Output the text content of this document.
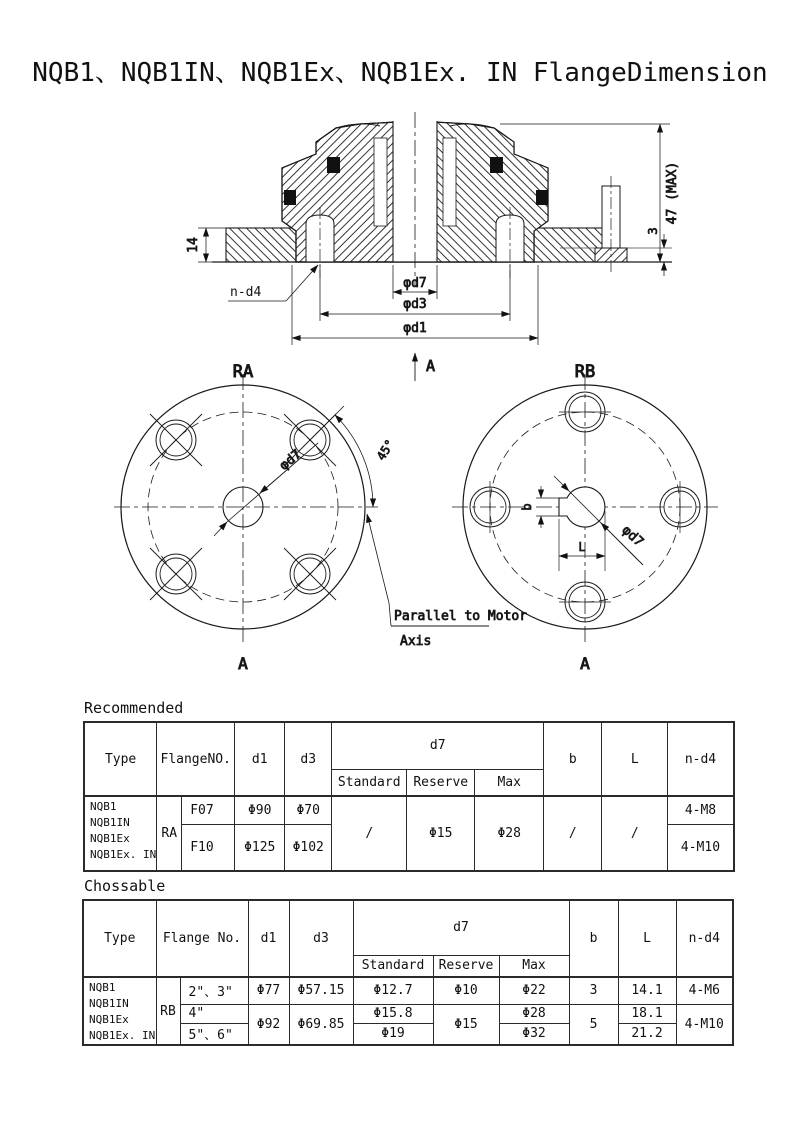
NQB1、NQB1IN、NQB1Ex、NQB1Ex. IN FlangeDimension
14
47 (MAX)
3
n-d4
φd7
φd3
φd1
A
RA
φd7	45°
Parallel to Motor
Axis
A
RB
b
L	φd7
A
Recommended
Type	FlangeNO.		d1	d3	d7			b	L	n-d4
					Standard	Reserve	Max			

NQB1
NQB1IN
NQB1Ex
NQB1Ex. IN	RA	F07	Φ90	Φ70	/	Φ15	Φ28	/	/	4-M8
		F10	Φ125	Φ102						4-M10
Chossable
Type	Flange No.		d1	d3	d7			b	L	n-d4
					Standard	Reserve	Max			

NQB1
NQB1IN
NQB1Ex
NQB1Ex. IN	RB	2"、3"	Φ77	Φ57.15	Φ12.7	Φ10	Φ22	3	14.1	4-M6
		4"	Φ92	Φ69.85	Φ15.8	Φ15	Φ28	5	18.1	4-M10
		5"、6"			Φ19		Φ32		21.2	
